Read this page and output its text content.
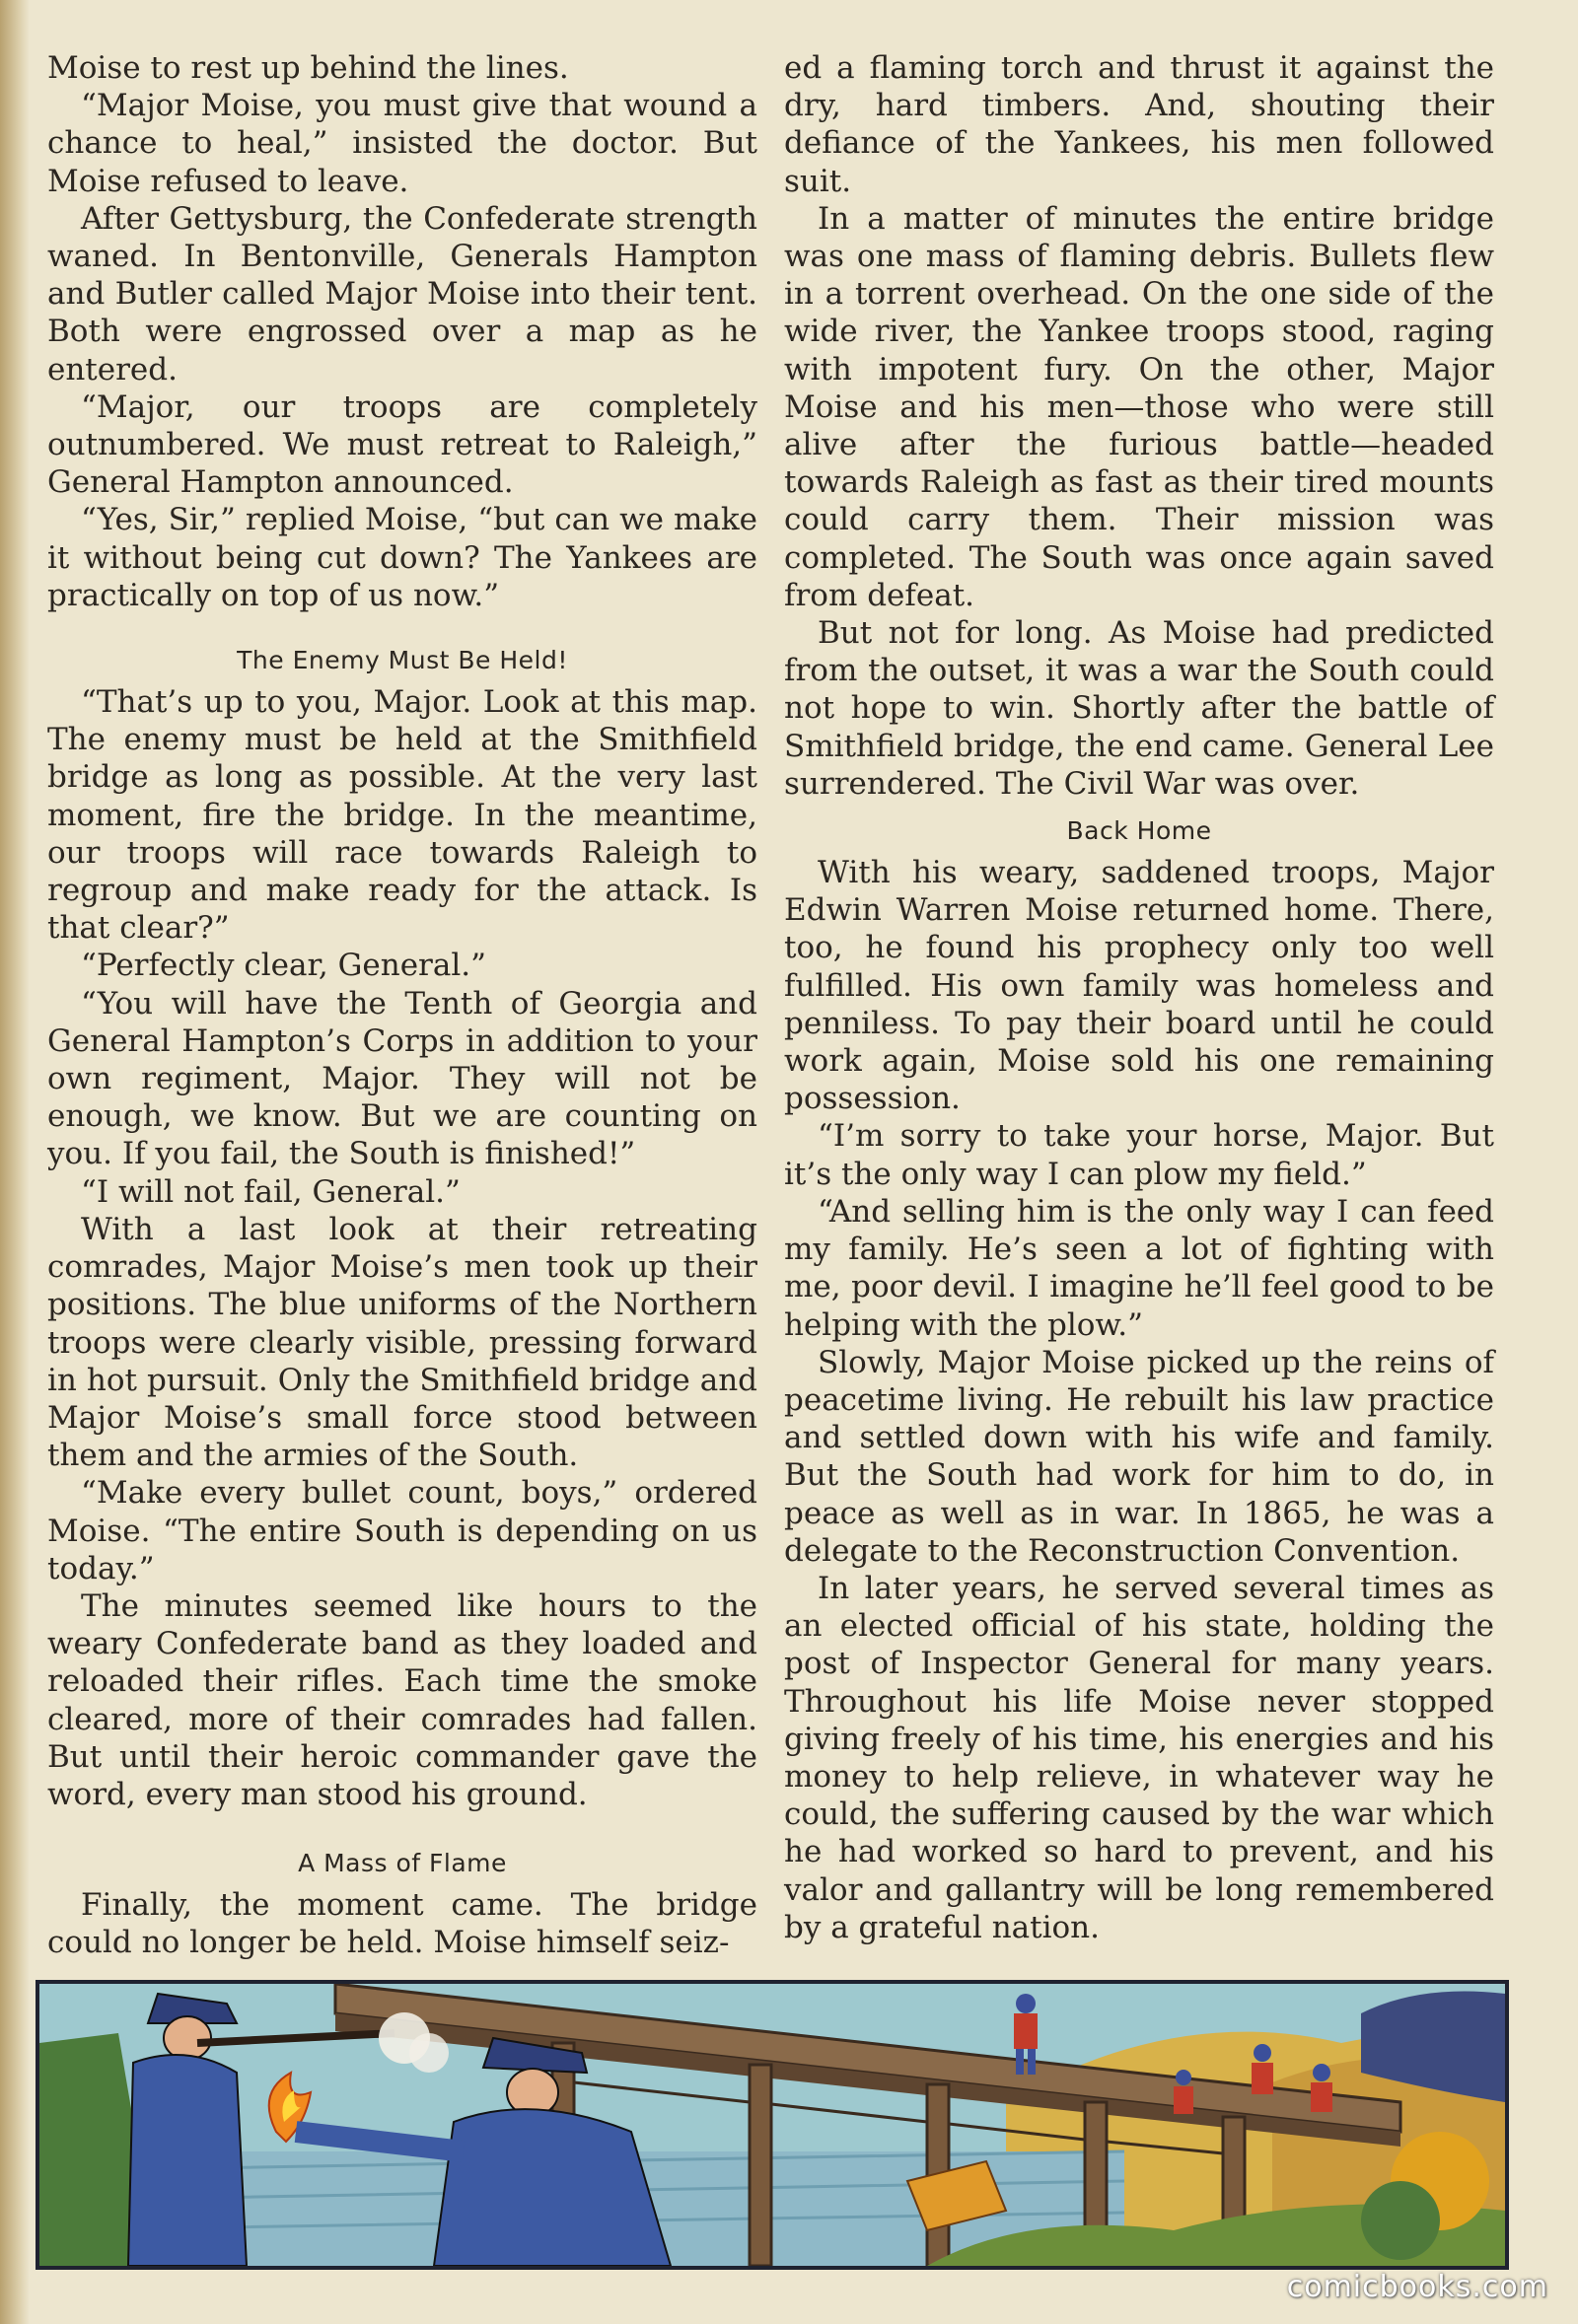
Moise to rest up behind the lines.

“Major Moise, you must give that wound a chance to heal,” insisted the doctor. But Moise refused to leave.

After Gettysburg, the Confederate strength waned. In Bentonville, Generals Hampton and Butler called Major Moise into their tent. Both were engrossed over a map as he entered.

“Major, our troops are completely outnumbered. We must retreat to Raleigh,” General Hampton announced.

“Yes, Sir,” replied Moise, “but can we make it without being cut down? The Yankees are practically on top of us now.”

The Enemy Must Be Held!

“That’s up to you, Major. Look at this map. The enemy must be held at the Smithfield bridge as long as possible. At the very last moment, fire the bridge. In the meantime, our troops will race towards Raleigh to regroup and make ready for the attack. Is that clear?”

“Perfectly clear, General.”

“You will have the Tenth of Georgia and General Hampton’s Corps in addition to your own regiment, Major. They will not be enough, we know. But we are counting on you. If you fail, the South is finished!”

“I will not fail, General.”

With a last look at their retreating comrades, Major Moise’s men took up their positions. The blue uniforms of the Northern troops were clearly visible, pressing forward in hot pursuit. Only the Smithfield bridge and Major Moise’s small force stood between them and the armies of the South.

“Make every bullet count, boys,” ordered Moise. “The entire South is depending on us today.”

The minutes seemed like hours to the weary Confederate band as they loaded and reloaded their rifles. Each time the smoke cleared, more of their comrades had fallen. But until their heroic commander gave the word, every man stood his ground.

A Mass of Flame

Finally, the moment came. The bridge could no longer be held. Moise himself seiz-

ed a flaming torch and thrust it against the dry, hard timbers. And, shouting their defiance of the Yankees, his men followed suit.

In a matter of minutes the entire bridge was one mass of flaming debris. Bullets flew in a torrent overhead. On the one side of the wide river, the Yankee troops stood, raging with impotent fury. On the other, Major Moise and his men—those who were still alive after the furious battle—headed towards Raleigh as fast as their tired mounts could carry them. Their mission was completed. The South was once again saved from defeat.

But not for long. As Moise had predicted from the outset, it was a war the South could not hope to win. Shortly after the battle of Smithfield bridge, the end came. General Lee surrendered. The Civil War was over.

Back Home

With his weary, saddened troops, Major Edwin Warren Moise returned home. There, too, he found his prophecy only too well fulfilled. His own family was homeless and penniless. To pay their board until he could work again, Moise sold his one remaining possession.

“I’m sorry to take your horse, Major. But it’s the only way I can plow my field.”

“And selling him is the only way I can feed my family. He’s seen a lot of fighting with me, poor devil. I imagine he’ll feel good to be helping with the plow.”

Slowly, Major Moise picked up the reins of peacetime living. He rebuilt his law practice and settled down with his wife and family. But the South had work for him to do, in peace as well as in war. In 1865, he was a delegate to the Reconstruction Convention.

In later years, he served several times as an elected official of his state, holding the post of Inspector General for many years. Throughout his life Moise never stopped giving freely of his time, his energies and his money to help relieve, in whatever way he could, the suffering caused by the war which he had worked so hard to prevent, and his valor and gallantry will be long remembered by a grateful nation.

comicbooks.com
